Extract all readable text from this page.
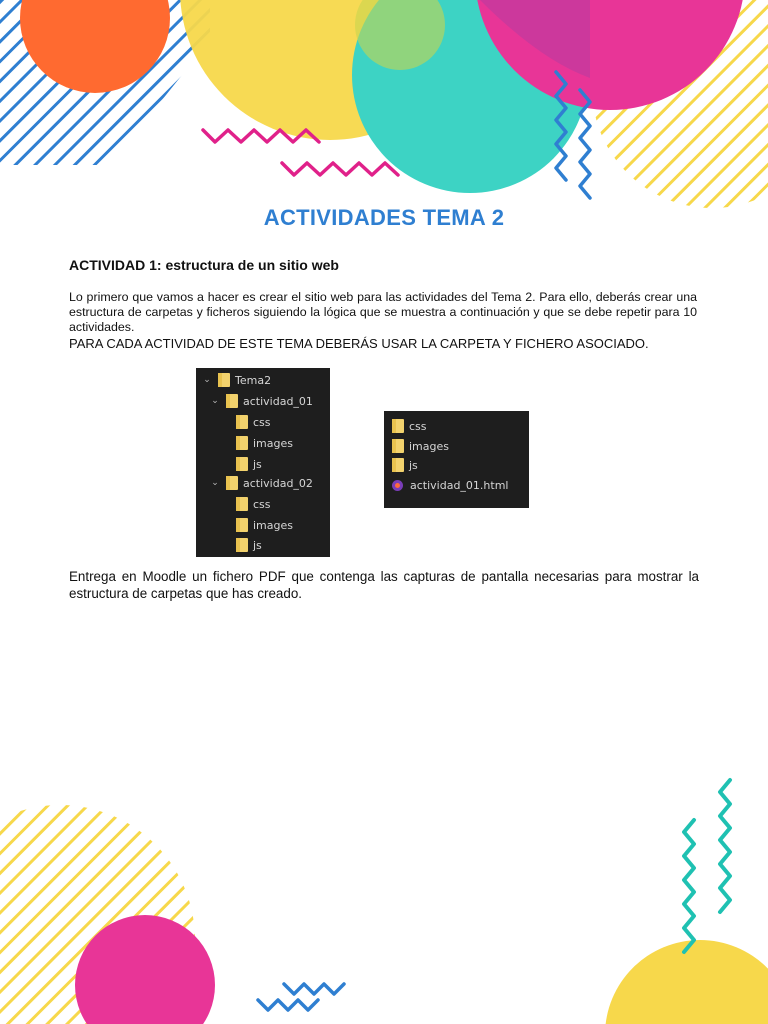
ACTIVIDADES TEMA 2
ACTIVIDAD 1: estructura de un sitio web
Lo primero que vamos a hacer es crear el sitio web para las actividades del Tema 2. Para ello, deberás crear una estructura de carpetas y ficheros siguiendo la lógica que se muestra a continuación y que se debe repetir para 10 actividades.
PARA CADA ACTIVIDAD DE ESTE TEMA DEBERÁS USAR LA CARPETA Y FICHERO ASOCIADO.
⌄ Tema2
⌄ actividad_01
css
images
js
⌄ actividad_02
css
images
js
css
images
js
actividad_01.html
Entrega en Moodle un fichero PDF que contenga las capturas de pantalla necesarias para mostrar la estructura de carpetas que has creado.
